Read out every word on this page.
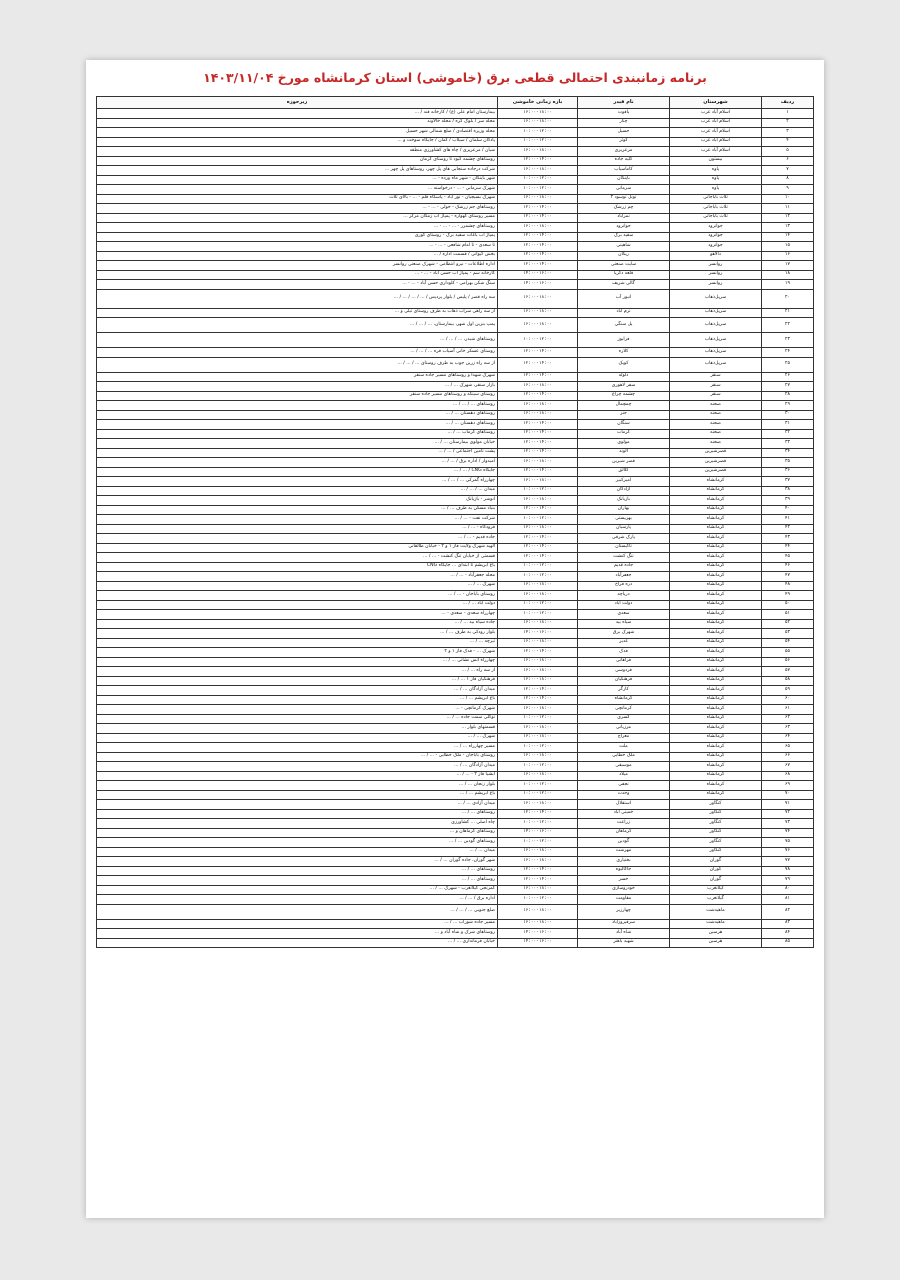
برنامه زمانبندی احتمالی قطعی برق (خاموشی) استان کرمانشاه مورخ ۱۴۰۳/۱۱/۰۴
ردیف	شهرستان	نام فیدر	بازه زمانی خاموشی	زیرحوزه
۱	اسلام آباد غرب	یاقوت	۱۶:۰۰-۱۸:۰۰	بیمارستان امام علی (ع) / کارخانه قند / ...
۲	اسلام آباد غرب	چنار	۱۶:۰۰-۱۸:۰۰	محله سر / بلوک کره / محله خالاوند
۳	اسلام آباد غرب	حسیل	۱۰:۰۰-۱۲:۰۰	محله وزیره اقتصادی / ضلع شمالی شهر حسیل
۴	اسلام آباد غرب	کوثر	۱۰:۰۰-۱۲:۰۰	پادگان سلمان / سیلاب / کمان / جایگاه سوخت و ...
۵	اسلام آباد غرب	مرعزیزی	۱۶:۰۰-۱۸:۰۰	شیان / مرعزیزی / چاه های کشاورزی منطقه
۶	بیستون	کلیه جاده	۱۲:۰۰-۱۴:۰۰	روستاهای چشمه کبود تا روستای کرمان
۷	پاوه	کاماسیاب	۱۶:۰۰-۱۸:۰۰	شرکت درجاده سنجابی های پل چهر، روستاهای پل چهر ...
۸	پاوه	باینگان	۱۰:۰۰-۱۲:۰۰	شهر باینگان - شهر ماه ورده - ...
۹	پاوه	سرمانی	۱۰:۰۰-۱۲:۰۰	شهرک سرمانی - ... - درخواسته ...
۱۰	ثلاث باباجانی	تونل نوسود ۲	۱۶:۰۰-۱۸:۰۰	شهرک بسیجیان - نور آباد - پاسگاه قلم - ... - بالای ثلاث
۱۱	ثلاث باباجانی	چم زرشک	۱۲:۰۰-۱۴:۰۰	روستاهای جم زرشک - خولی - ... - ...
۱۲	ثلاث باباجانی	نمرآباد	۱۲:۰۰-۱۴:۰۰	مسیر روستای کهواره - پمپاژ آب زمکان مرکز ...
۱۳	جوانرود	جوانرود	۱۶:۰۰-۱۸:۰۰	روستاهای چشمزر - ... - ... - ...
۱۴	جوانرود	سفید برگ	۱۲:۰۰-۱۴:۰۰	پمپاژ آب باغات سفید برگ - روستای کوری
۱۵	جوانرود	شاهینی	۱۲:۰۰-۱۴:۰۰	تا سعدی - تا امام شافعی - ... - ...
۱۶	دالاهو	ریکان	۱۲:۰۰-۱۴:۰۰	بخش کیوانی / قسمت اداره / ...
۱۷	روانسر	سایت صنعتی	۱۲:۰۰-۱۴:۰۰	اداره اطلاعات - نیرو انتظامی - شهرک صنعتی روانسر
۱۸	روانسر	قلعه دکریا	۱۴:۰۰-۱۶:۰۰	کارخانه سم - پمپاژ آب حسن آباد - ... - ...
۱۹	روانسر	گالی شریف	۱۴:۰۰-۱۶:۰۰	سنگ شکن بهرامی - کلوداری حسن آباد - ... - ...
۲۰	سرپل‌ذهاب	انبور آب	۱۶:۰۰-۱۸:۰۰	سه راه قصر / پلیس / بلوار پردیس / ... / ... / ... / ...
۲۱	سرپل‌ذهاب	نرم آباد	۱۶:۰۰-۱۸:۰۰	از سه راهی سراب ذهاب به طرف روستای تیلی و ...
۲۲	سرپل‌ذهاب	پل سنگی	۱۶:۰۰-۱۸:۰۰	پمپ بنزین اول شهر، بیمارستان، ... / ... / ...
۲۳	سرپل‌ذهاب	فرابوز	۱۰:۰۰-۱۲:۰۰	روستاهای شیدر، ... / ... / ...
۲۴	سرپل‌ذهاب	کلاره	۱۲:۰۰-۱۴:۰۰	روستای عسکر خانی آسیاب قره ... / ... / ...
۲۵	سرپل‌ذهاب	کویک	۱۲:۰۰-۱۴:۰۰	از سه راه زرین جوب به طرف روستای ... / ... / ...
۲۶	سنقر	دلوله	۱۲:۰۰-۱۴:۰۰	شهرک شهدا و روستاهای مسیر جاده سنقر
۲۷	سنقر	سفر لاهوری	۱۶:۰۰-۱۸:۰۰	بازار سنقر، شهرک ... / ...
۲۸	سنقر	چشمه چراغ	۱۲:۰۰-۱۴:۰۰	روستای سینگه و روستاهای مسیر جاده سنقر
۲۹	صحنه	چمچمال	۱۶:۰۰-۱۸:۰۰	روستاهای ... / ... / ...
۳۰	صحنه	جنز	۱۶:۰۰-۱۸:۰۰	روستاهای دهستان ... / ...
۳۱	صحنه	سنگان	۱۲:۰۰-۱۴:۰۰	روستاهای دهستان ... / ...
۳۲	صحنه	گرماب	۱۲:۰۰-۱۴:۰۰	روستاهای گرماب ... / ...
۳۳	صحنه	مولوی	۱۲:۰۰-۱۴:۰۰	خیابان مولوی بیمارستان ... / ...
۳۴	قصرشیرین	الوند	۱۲:۰۰-۱۴:۰۰	پشت تأمین اجتماعی / ... / ...
۳۵	قصرشیرین	قصر شیرین	۱۶:۰۰-۱۸:۰۰	امیدوار / اداره برق / ... / ...
۳۶	قصرشیرین	گلالق	۱۲:۰۰-۱۴:۰۰	جایگاه CNG / ... / ...
۳۷	کرمانشاه	امیرکبیر	۱۶:۰۰-۱۸:۰۰	چهارراه گمرکی ... / ... / ...
۳۸	کرمانشاه	آزادگان	۱۰:۰۰-۱۲:۰۰	میدان ... / ... / ...
۳۹	کرمانشاه	بازیانک	۱۶:۰۰-۱۸:۰۰	انوشر - بازیانک
۴۰	کرمانشاه	بهاران	۱۲:۰۰-۱۴:۰۰	بنیاد مسکن به طرف ... / ...
۴۱	کرمانشاه	بهزیستی	۱۰:۰۰-۱۲:۰۰	شرکت نفت - ... / ...
۴۲	کرمانشاه	پارسیان	۱۶:۰۰-۱۸:۰۰	فرودگاه - ... / ...
۴۳	کرمانشاه	پارک شرقی	۱۲:۰۰-۱۴:۰۰	جاده قدیم - ... / ...
۴۴	کرمانشاه	تاکبستان	۱۲:۰۰-۱۴:۰۰	الهیه شهرک ولایت فاز ۱ و ۲ - خیابان طالقانی
۴۵	کرمانشاه	تنگ کنشت	۱۲:۰۰-۱۴:۰۰	قسمتی از خیابان تنگ کنشت - ... / ...
۴۶	کرمانشاه	جاده قدیم	۱۰:۰۰-۱۲:۰۰	باغ ابریشم تا ابتدای ... جایگاه CNG
۴۷	کرمانشاه	جعفرآباد	۱۰:۰۰-۱۲:۰۰	محله جعفرآباد - ... / ...
۴۸	کرمانشاه	دره فراخ	۱۶:۰۰-۱۸:۰۰	شهرک ... / ...
۴۹	کرمانشاه	دریاچه	۱۶:۰۰-۱۸:۰۰	روستای باباجان - ... / ...
۵۰	کرمانشاه	دولت آباد	۱۰:۰۰-۱۲:۰۰	دولت آباد ... / ...
۵۱	کرمانشاه	سعدی	۱۰:۰۰-۱۲:۰۰	چهارراه سعدی - سعدی - ...
۵۲	کرمانشاه	سیاه بید	۱۶:۰۰-۱۸:۰۰	جاده سیاه بید ... / ...
۵۳	کرمانشاه	شهرک برق	۱۴:۰۰-۱۶:۰۰	بلوار رودکی به طرف ... / ...
۵۴	کرمانشاه	غدیر	۱۶:۰۰-۱۸:۰۰	تیرچه ... / ...
۵۵	کرمانشاه	فدک	۱۲:۰۰-۱۴:۰۰	شهرک ... - فدک فاز ۱ و ۲
۵۶	کرمانشاه	فراهانی	۱۶:۰۰-۱۸:۰۰	چهارراه آتش نشانی ... / ...
۵۷	کرمانشاه	فردوسی	۱۶:۰۰-۱۸:۰۰	از سه راه ... / ...
۵۸	کرمانشاه	فرهنگیان	۱۶:۰۰-۱۸:۰۰	فرهنگیان فاز ۱ ... / ...
۵۹	کرمانشاه	کارگر	۱۲:۰۰-۱۴:۰۰	میدان آزادگان ... / ...
۶۰	کرمانشاه	کرمانشاه	۱۲:۰۰-۱۴:۰۰	باغ ابریشم ... / ...
۶۱	کرمانشاه	کرمانچی	۱۶:۰۰-۱۸:۰۰	شهرک کرمانچی - ...
۶۲	کرمانشاه	کسری	۱۰:۰۰-۱۲:۰۰	توکلی سمت جاده ... / ...
۶۳	کرمانشاه	مرزبانی	۱۶:۰۰-۱۸:۰۰	قسمتهای بلوار ...
۶۴	کرمانشاه	معراج	۱۶:۰۰-۱۸:۰۰	شهرک ... / ...
۶۵	کرمانشاه	ملت	۱۰:۰۰-۱۲:۰۰	مسیر چهارراه ... / ...
۶۶	کرمانشاه	ملک خطایی	۱۶:۰۰-۱۸:۰۰	روستای باباجان - ملک خطایی - ... / ...
۶۷	کرمانشاه	موسیقی	۱۰:۰۰-۱۲:۰۰	میدان آزادگان ... / ...
۶۸	کرمانشاه	میلاد	۱۶:۰۰-۱۸:۰۰	آبشیا فاز ۲ - ... / ...
۶۹	کرمانشاه	نجفی	۱۰:۰۰-۱۲:۰۰	بلوار زنجان ... / ...
۷۰	کرمانشاه	وحدت	۱۰:۰۰-۱۲:۰۰	باغ ابریشم ... / ...
۷۱	کنگاور	استقلال	۱۶:۰۰-۱۸:۰۰	میدان آزادی ... / ...
۷۲	کنگاور	خمینی آباد	۱۲:۰۰-۱۴:۰۰	روستاهای ... / ...
۷۳	کنگاور	زراعت	۱۰:۰۰-۱۲:۰۰	چاه اصلی ... کشاورزی
۷۴	کنگاور	کرماهان	۱۴:۰۰-۱۶:۰۰	روستاهای کرماهان و ...
۷۵	کنگاور	گودین	۱۰:۰۰-۱۲:۰۰	روستاهای گودین ... / ...
۷۶	کنگاور	مهرشت	۱۶:۰۰-۱۸:۰۰	میدان ... / ...
۷۷	گوران	بختیاری	۱۶:۰۰-۱۸:۰۰	شهر گوران، جاده گوران ... / ...
۷۸	گوران	جاکالیوه	۱۲:۰۰-۱۴:۰۰	روستاهای ... / ...
۷۹	گوران	خسر	۱۲:۰۰-۱۴:۰۰	روستاهای ... / ...
۸۰	گیلانغرب	خودروسازی	۱۶:۰۰-۱۸:۰۰	گمرنجی گیلانغرب - شهرک ... / ...
۸۱	گیلانغرب	مقاومت	۱۰:۰۰-۱۲:۰۰	اداره برق / ... / ...
۸۲	ماهیدشت	چهارزبر	۱۶:۰۰-۱۸:۰۰	ضلع جنوبی ... / ... / ...
۸۳	ماهیدشت	سرفیروزآباد	۱۶:۰۰-۱۸:۰۰	مسیر جاده شورآب ... / ...
۸۴	هرسین	شاه آباد	۱۴:۰۰-۱۶:۰۰	روستاهای شرک و شاه آباد و ...
۸۵	هرسین	شهید باهنر	۱۴:۰۰-۱۶:۰۰	خیابان فرمانداری ... / ...
